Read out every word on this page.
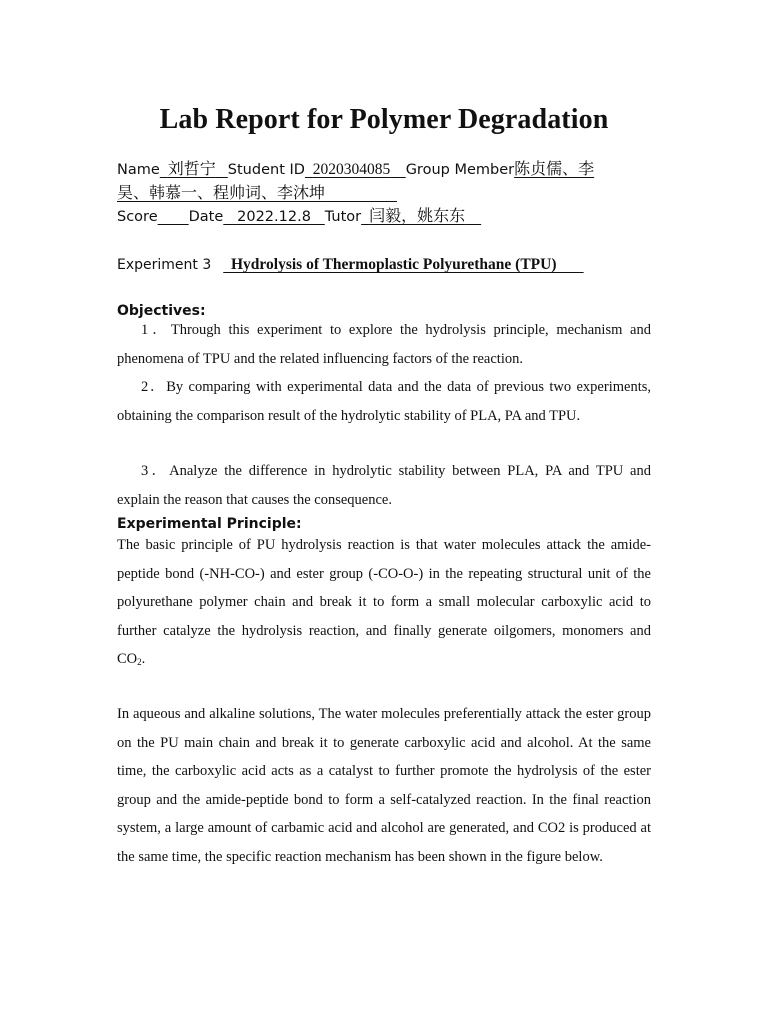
Lab Report for Polymer Degradation
Name 刘哲宁 Student ID 2020304085 Group Member陈贞儒、李
昊、韩慕一、程帅词、李沐坤
Score Date 2022.12.8 Tutor 闫毅，姚东东
Experiment 3 Hydrolysis of Thermoplastic Polyurethane (TPU)
Objectives:
1．Through this experiment to explore the hydrolysis principle, mechanism and phenomena of TPU and the related influencing factors of the reaction.
2．By comparing with experimental data and the data of previous two experiments, obtaining the comparison result of the hydrolytic stability of PLA, PA and TPU.
3．Analyze the difference in hydrolytic stability between PLA, PA and TPU and explain the reason that causes the consequence.
Experimental Principle:
The basic principle of PU hydrolysis reaction is that water molecules attack the amide-peptide bond (-NH-CO-) and ester group (-CO-O-) in the repeating structural unit of the polyurethane polymer chain and break it to form a small molecular carboxylic acid to further catalyze the hydrolysis reaction, and finally generate oilgomers, monomers and $CO_2$.
In aqueous and alkaline solutions, The water molecules preferentially attack the ester group on the PU main chain and break it to generate carboxylic acid and alcohol. At the same time, the carboxylic acid acts as a catalyst to further promote the hydrolysis of the ester group and the amide-peptide bond to form a self-catalyzed reaction. In the final reaction system, a large amount of carbamic acid and alcohol are generated, and CO2 is produced at the same time, the specific reaction mechanism has been shown in the figure below.
